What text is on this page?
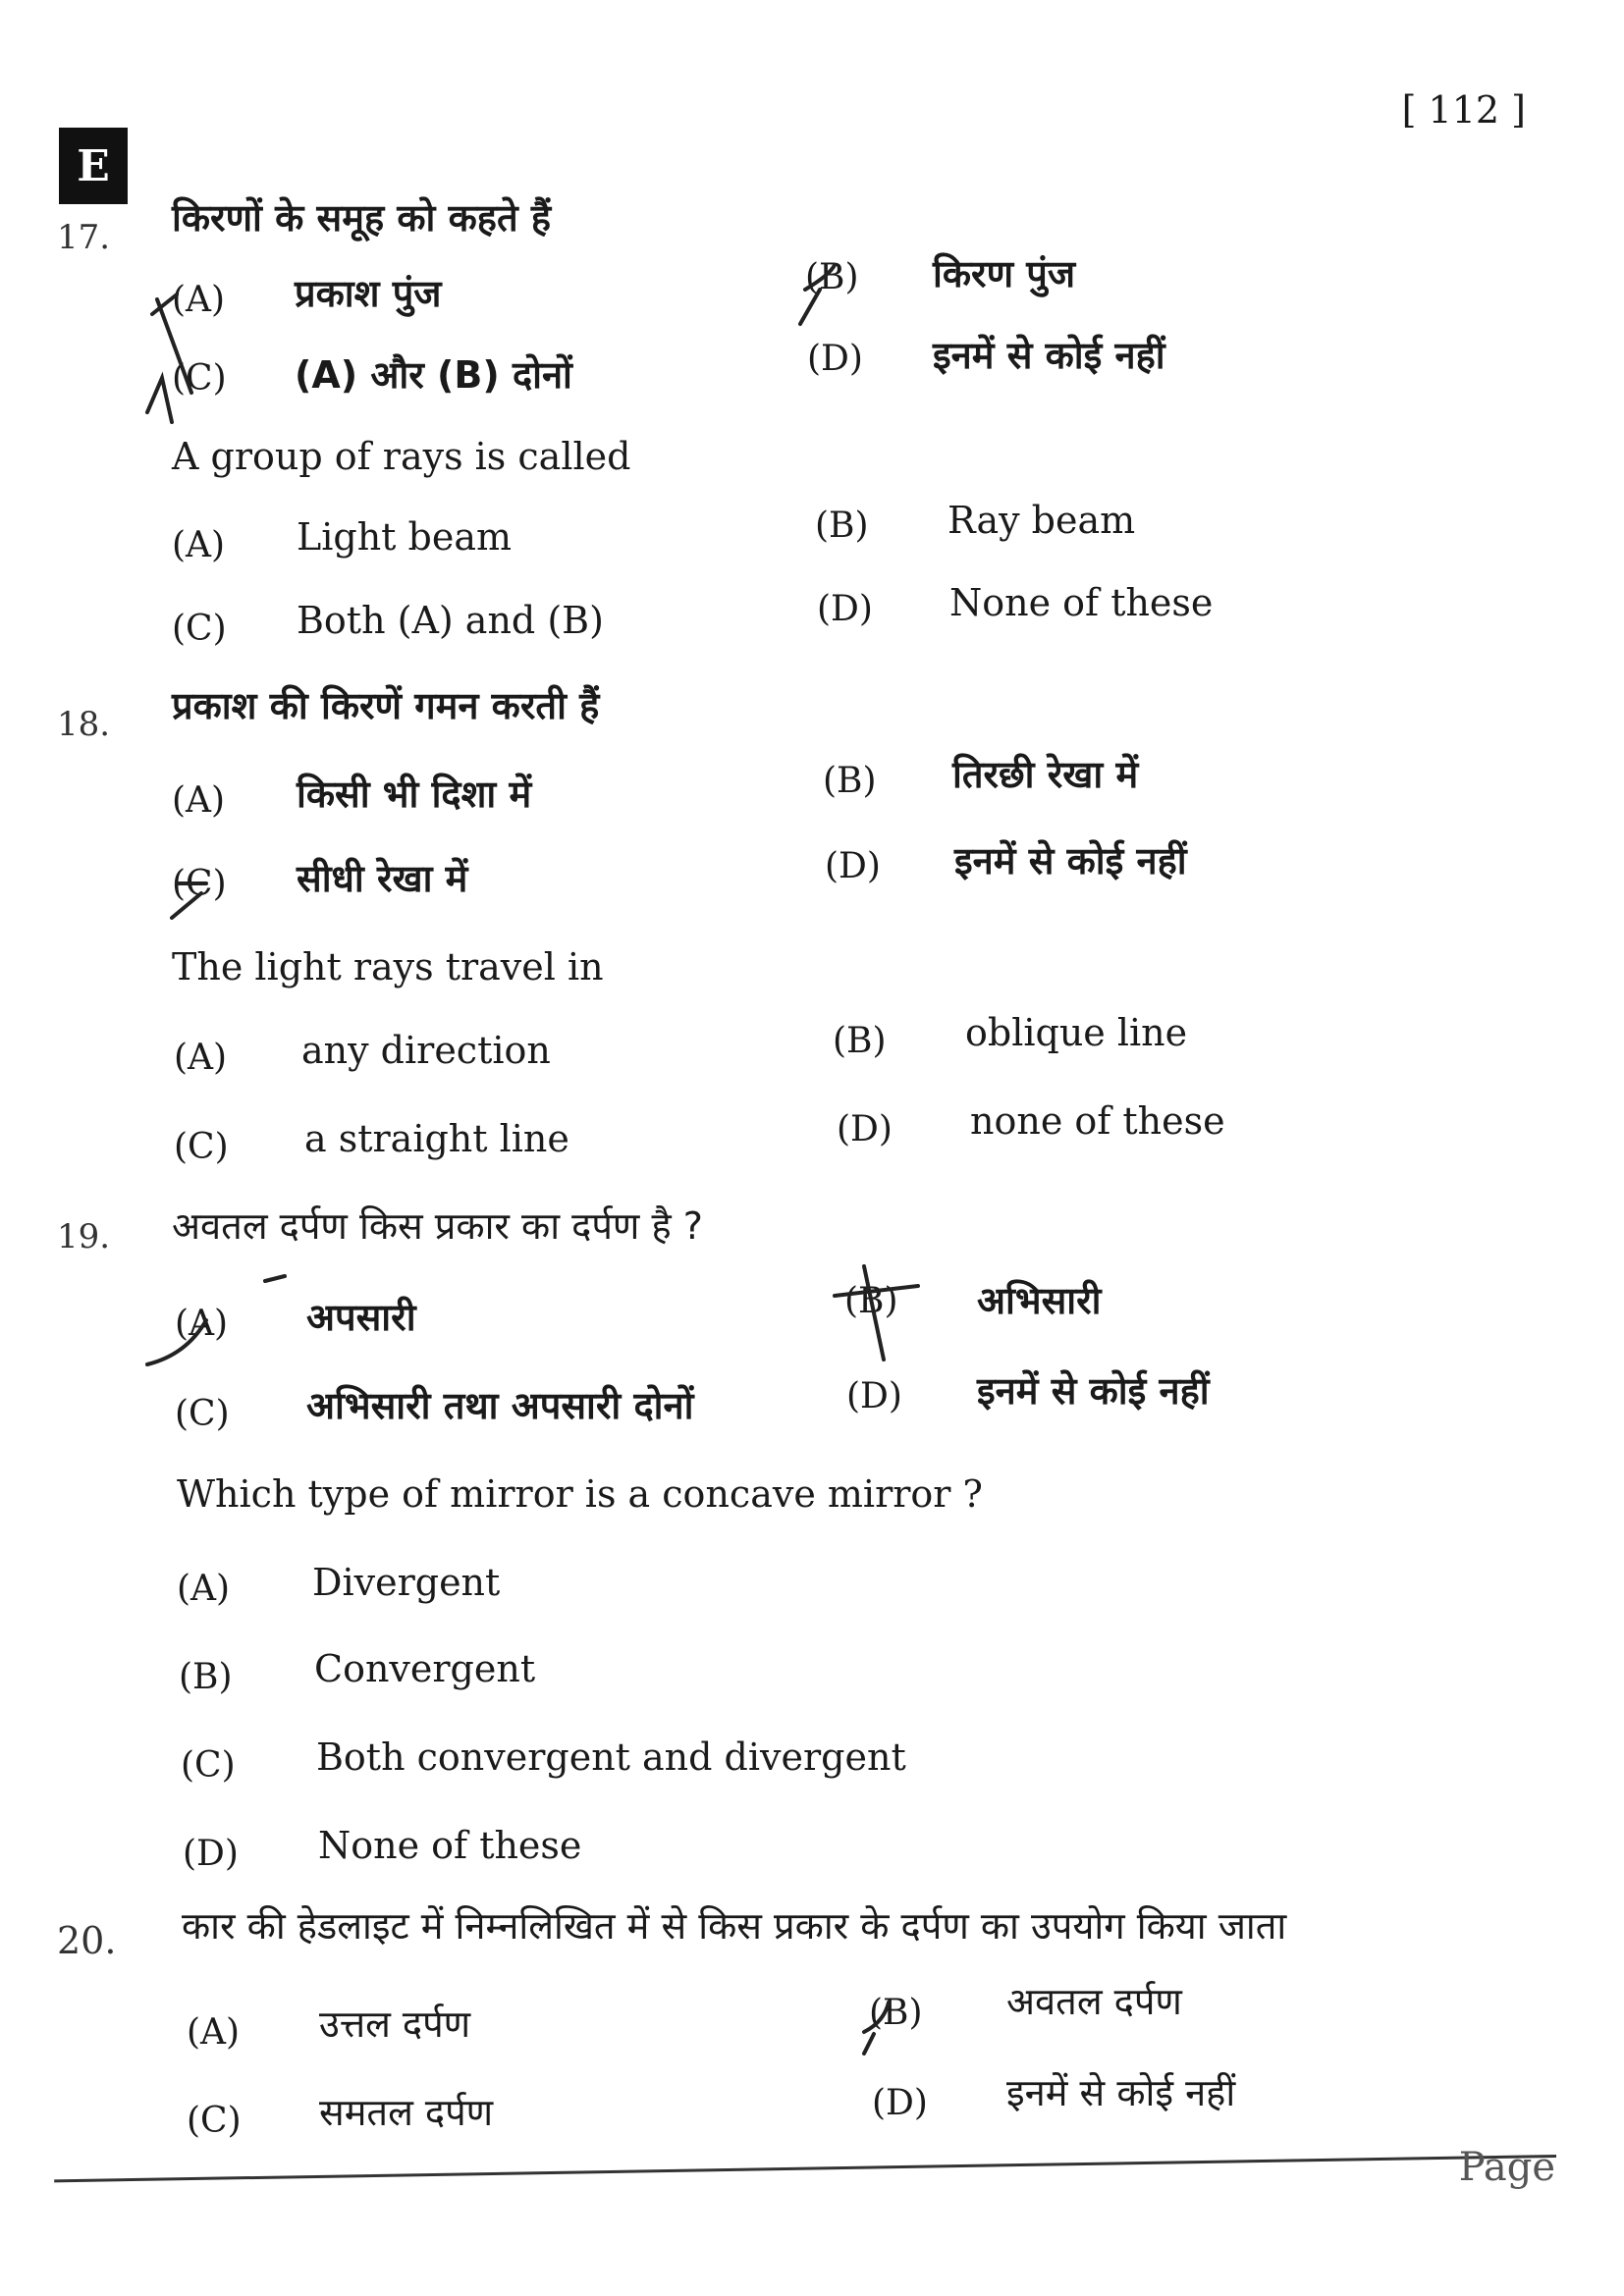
[ 112 ]
E
17. किरणों के समूह को कहते हैं
(A) प्रकाश पुंज	(B) किरण पुंज
(C) (A) और (B) दोनों	(D) इनमें से कोई नहीं
A group of rays is called
(A) Light beam	(B) Ray beam
(C) Both (A) and (B)	(D) None of these
18. प्रकाश की किरणें गमन करती हैं
(A) किसी भी दिशा में	(B) तिरछी रेखा में
(C) सीधी रेखा में	(D) इनमें से कोई नहीं
The light rays travel in
(A) any direction	(B) oblique line
(C) a straight line	(D) none of these
19. अवतल दर्पण किस प्रकार का दर्पण है ?
(A) अपसारी	(B) अभिसारी
(C) अभिसारी तथा अपसारी दोनों	(D) इनमें से कोई नहीं
Which type of mirror is a concave mirror ?
(A) Divergent
(B) Convergent
(C) Both convergent and divergent
(D) None of these
20. कार की हेडलाइट में निम्नलिखित में से किस प्रकार के दर्पण का उपयोग किया जाता
(A) उत्तल दर्पण	(B) अवतल दर्पण
(C) समतल दर्पण	(D) इनमें से कोई नहीं
Page
